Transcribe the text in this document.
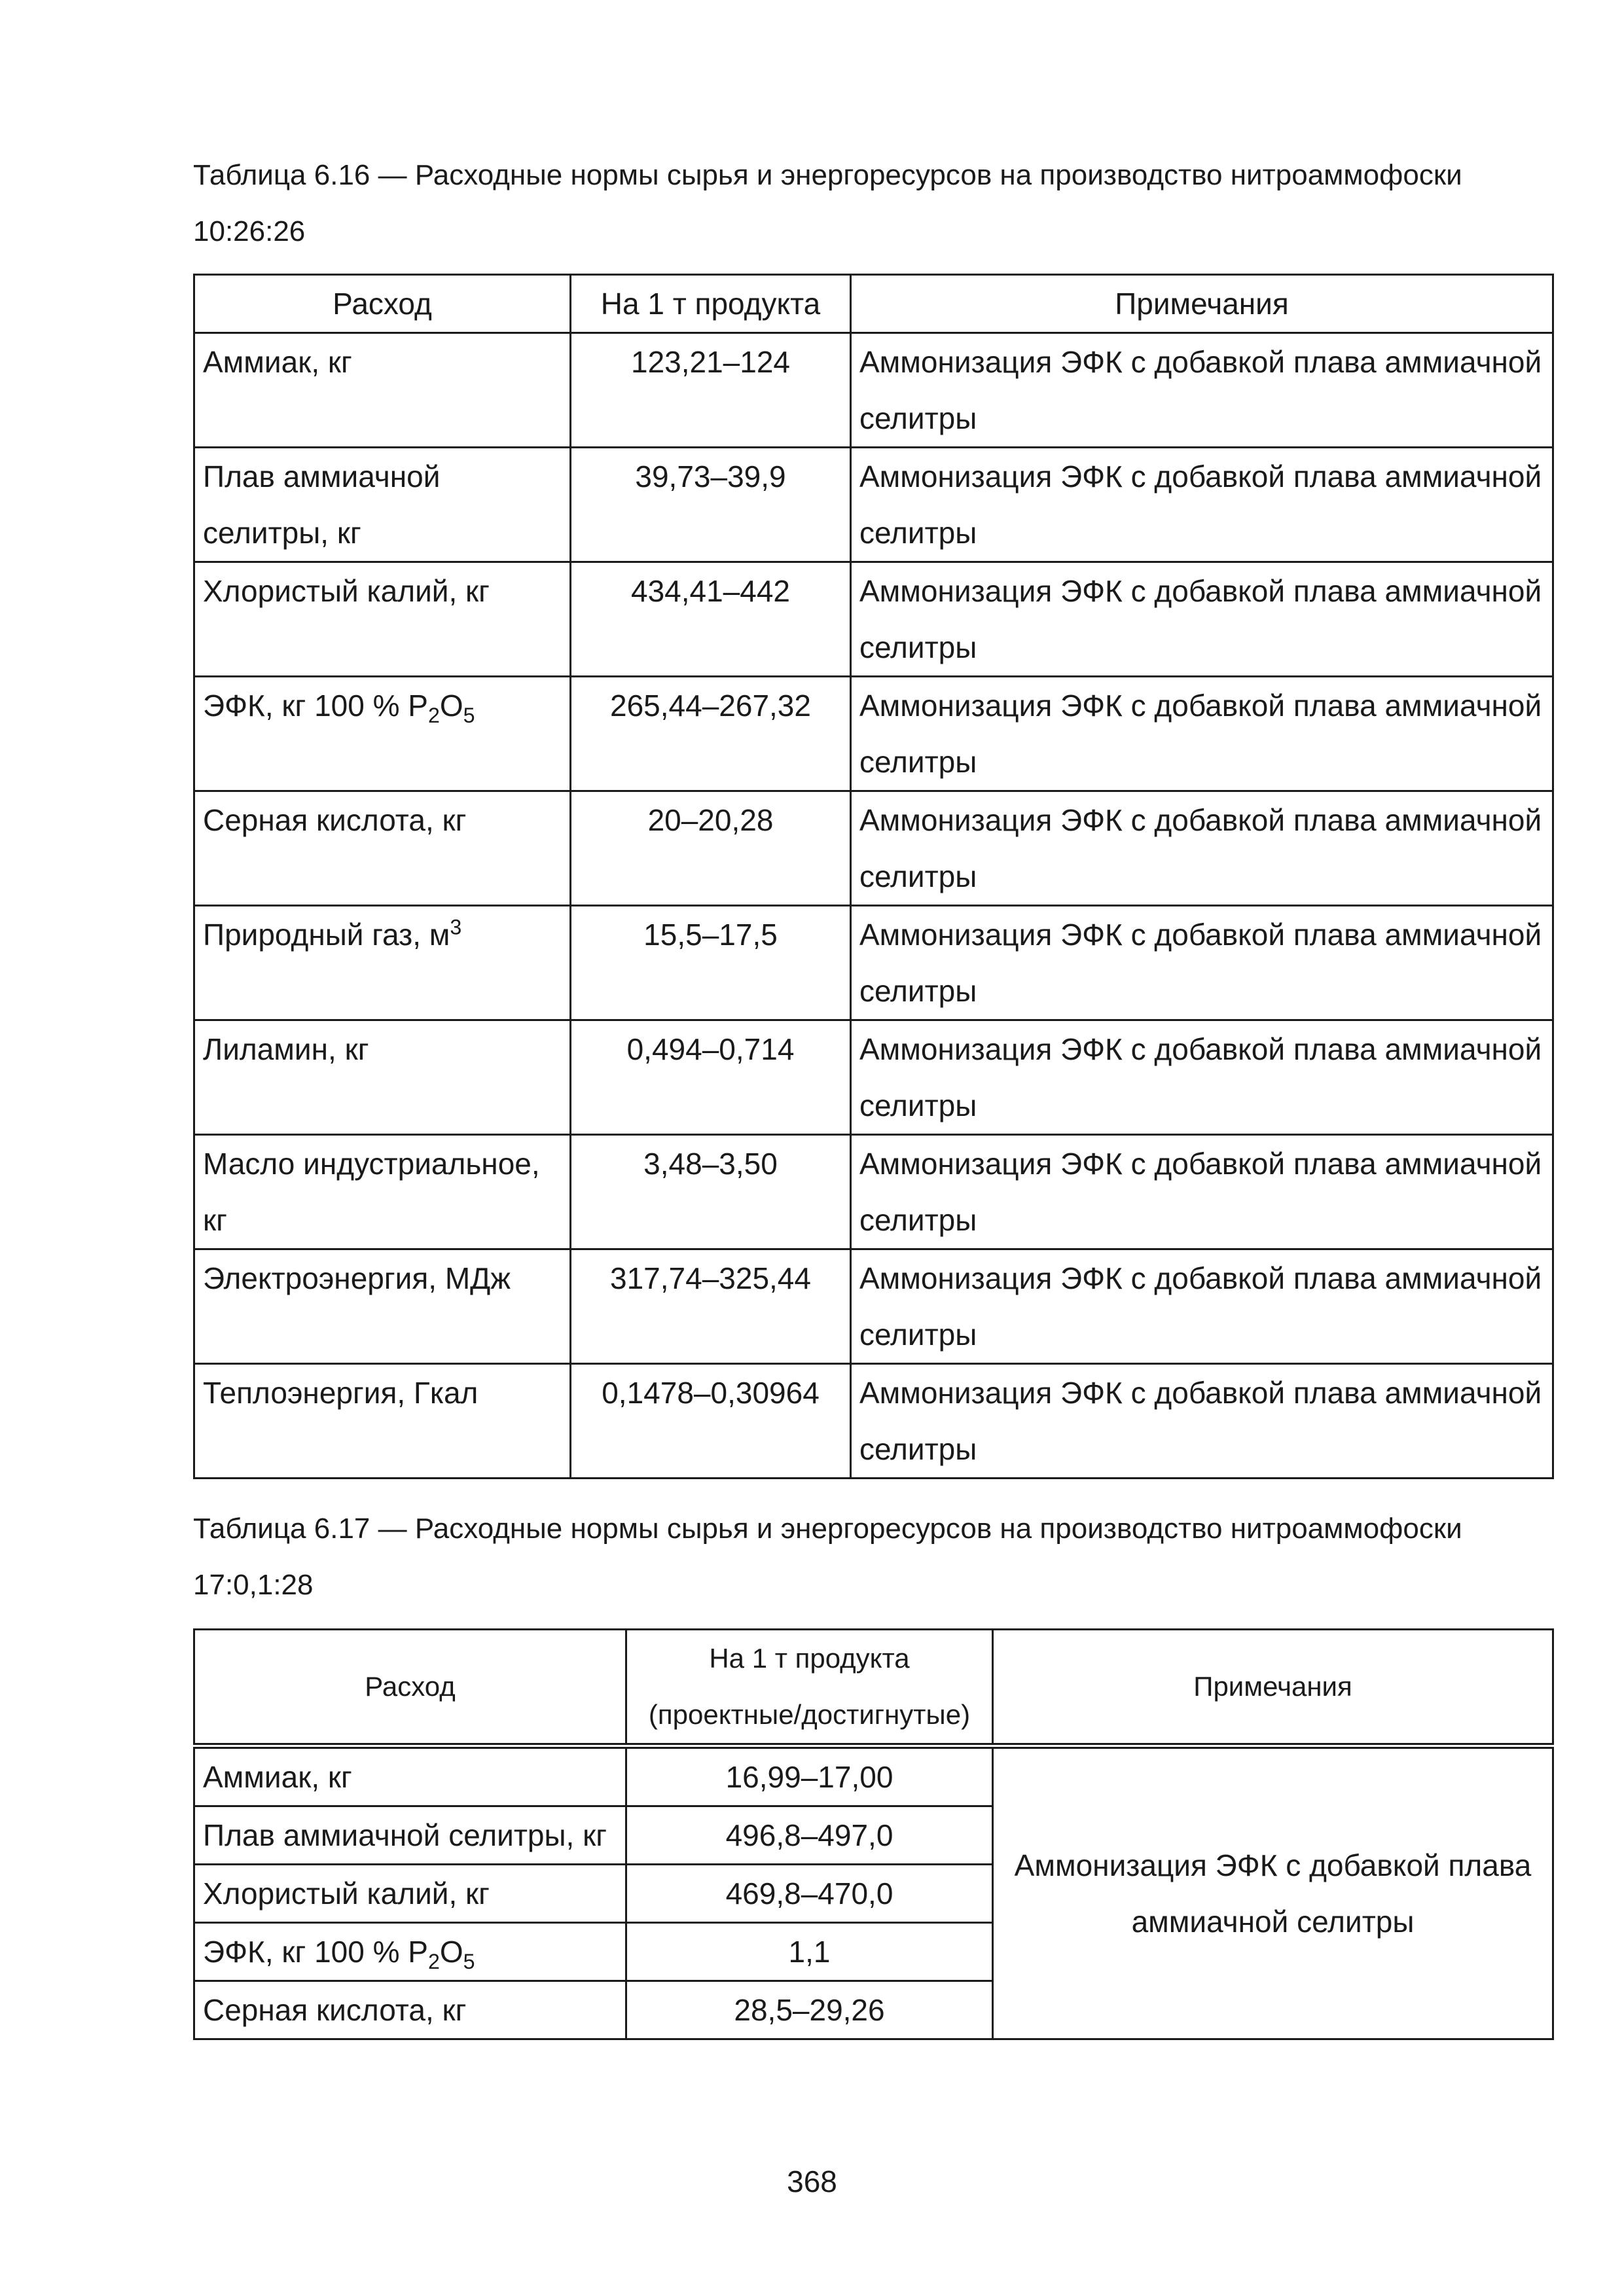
Таблица 6.16 — Расходные нормы сырья и энергоресурсов на производство нитроаммофоски 10:26:26

Расход	На 1 т продукта	Примечания
Аммиак, кг	123,21–124	Аммонизация ЭФК с добавкой плава аммиачной селитры
Плав аммиачной селитры, кг	39,73–39,9	Аммонизация ЭФК с добавкой плава аммиачной селитры
Хлористый калий, кг	434,41–442	Аммонизация ЭФК с добавкой плава аммиачной селитры
ЭФК, кг 100 % $P_2O_5$	265,44–267,32	Аммонизация ЭФК с добавкой плава аммиачной селитры
Серная кислота, кг	20–20,28	Аммонизация ЭФК с добавкой плава аммиачной селитры
Природный газ, $м^3$	15,5–17,5	Аммонизация ЭФК с добавкой плава аммиачной селитры
Лиламин, кг	0,494–0,714	Аммонизация ЭФК с добавкой плава аммиачной селитры
Масло индустриальное, кг	3,48–3,50	Аммонизация ЭФК с добавкой плава аммиачной селитры
Электроэнергия, МДж	317,74–325,44	Аммонизация ЭФК с добавкой плава аммиачной селитры
Теплоэнергия, Гкал	0,1478–0,30964	Аммонизация ЭФК с добавкой плава аммиачной селитры

Таблица 6.17 — Расходные нормы сырья и энергоресурсов на производство нитроаммофоски 17:0,1:28

Расход	На 1 т продукта (проектные/достигнутые)	Примечания
Аммиак, кг	16,99–17,00	Аммонизация ЭФК с добавкой плава аммиачной селитры
Плав аммиачной селитры, кг	496,8–497,0	
Хлористый калий, кг	469,8–470,0	
ЭФК, кг 100 % $P_2O_5$	1,1	
Серная кислота, кг	28,5–29,26	
368
